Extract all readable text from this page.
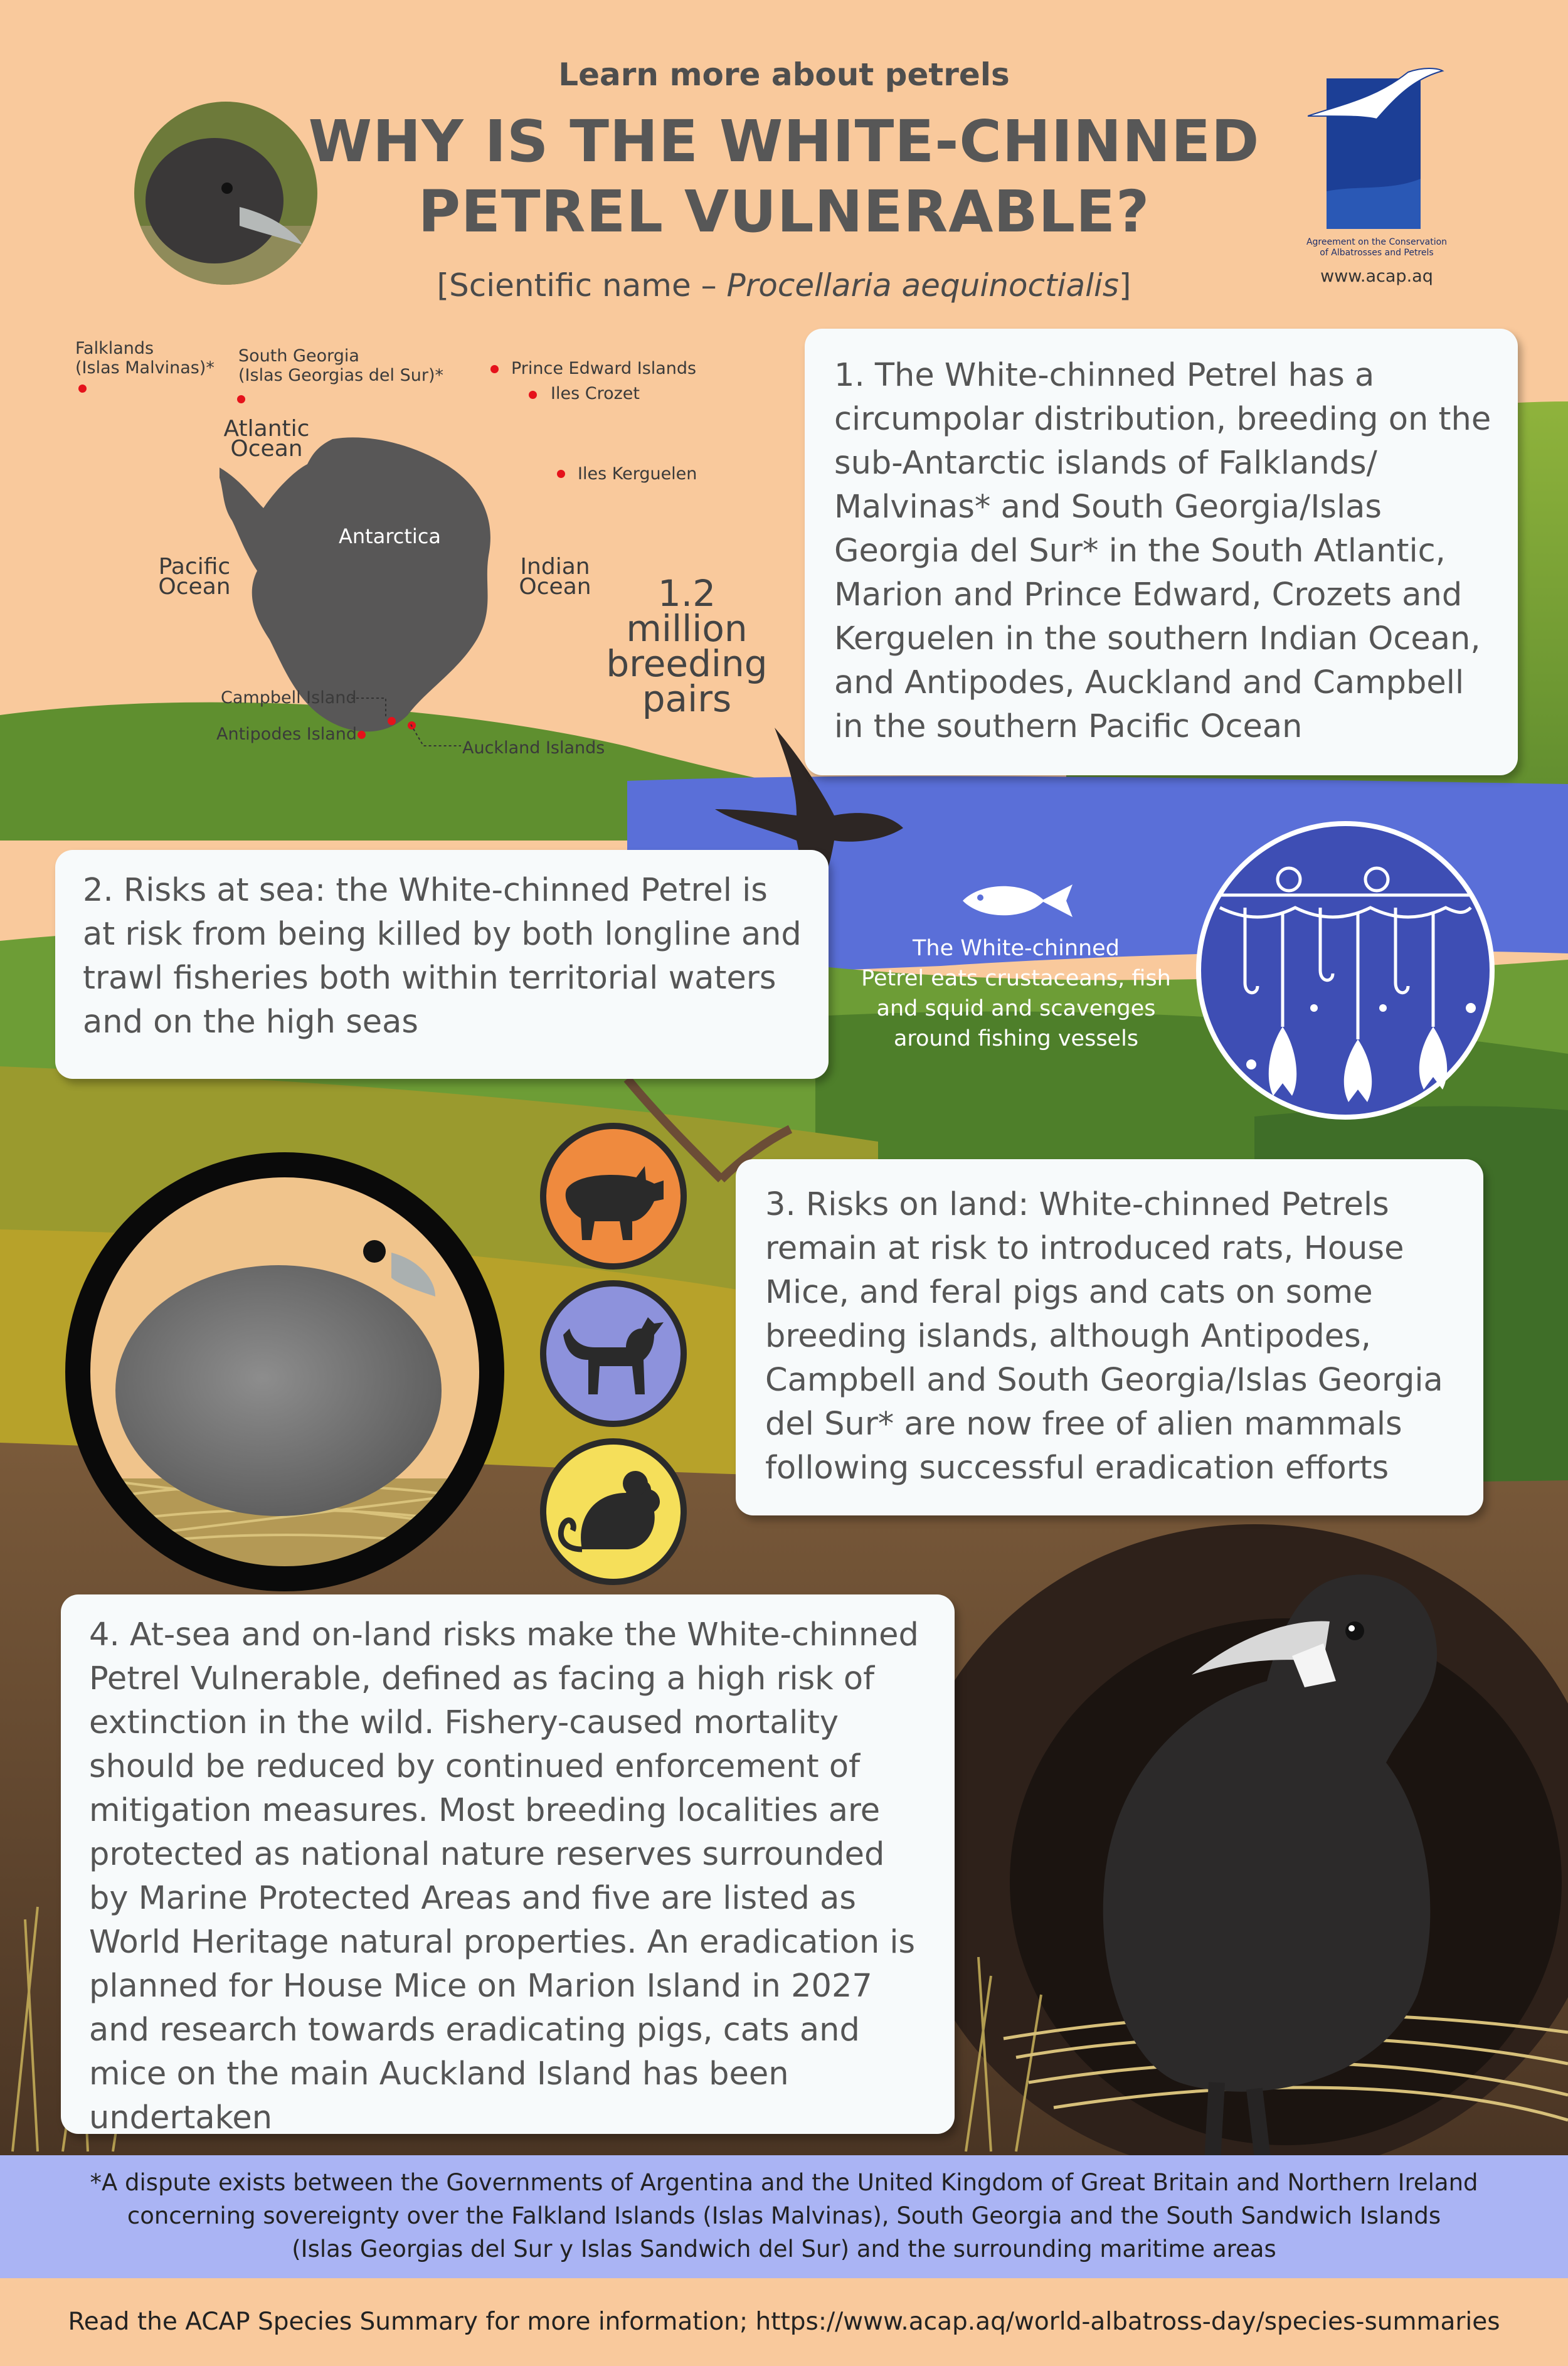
Learn more about petrels
WHY IS THE WHITE-CHINNED
PETREL VULNERABLE?
[Scientific name – Procellaria aequinoctialis]
Agreement on the Conservation
of Albatrosses and Petrels
www.acap.aq
Antarctica
Atlantic
Ocean
Pacific
Ocean
Indian
Ocean
Falklands
(Islas Malvinas)*
South Georgia
(Islas Georgias del Sur)*	Prince Edward Islands
Iles Crozet
Iles Kerguelen
Campbell Island
Antipodes Island
Auckland Islands
1.2
million
breeding
pairs
1. The White-chinned Petrel has a circumpolar distribution, breeding on the sub-Antarctic islands of Falklands/ Malvinas* and South Georgia/Islas Georgia del Sur* in the South Atlantic, Marion and Prince Edward, Crozets and Kerguelen in the southern Indian Ocean, and Antipodes, Auckland and Campbell in the southern Pacific Ocean
2. Risks at sea: the White-chinned Petrel is at risk from being killed by both longline and trawl fisheries both within territorial waters and on the high seas
3. Risks on land: White-chinned Petrels remain at risk to introduced rats, House Mice, and feral pigs and cats on some breeding islands, although Antipodes, Campbell and South Georgia/Islas Georgia del Sur* are now free of alien mammals following successful eradication efforts
4. At-sea and on-land risks make the White-chinned Petrel Vulnerable, defined as facing a high risk of extinction in the wild. Fishery-caused mortality should be reduced by continued enforcement of mitigation measures. Most breeding localities are protected as national nature reserves surrounded by Marine Protected Areas and five are listed as World Heritage natural properties. An eradication is planned for House Mice on Marion Island in 2027 and research towards eradicating pigs, cats and mice on the main Auckland Island has been undertaken
The White-chinned
Petrel eats crustaceans, fish
and squid and scavenges
around fishing vessels
*A dispute exists between the Governments of Argentina and the United Kingdom of Great Britain and Northern Ireland
concerning sovereignty over the Falkland Islands (Islas Malvinas), South Georgia and the South Sandwich Islands
(Islas Georgias del Sur y Islas Sandwich del Sur) and the surrounding maritime areas
Read the ACAP Species Summary for more information; https://www.acap.aq/world-albatross-day/species-summaries
